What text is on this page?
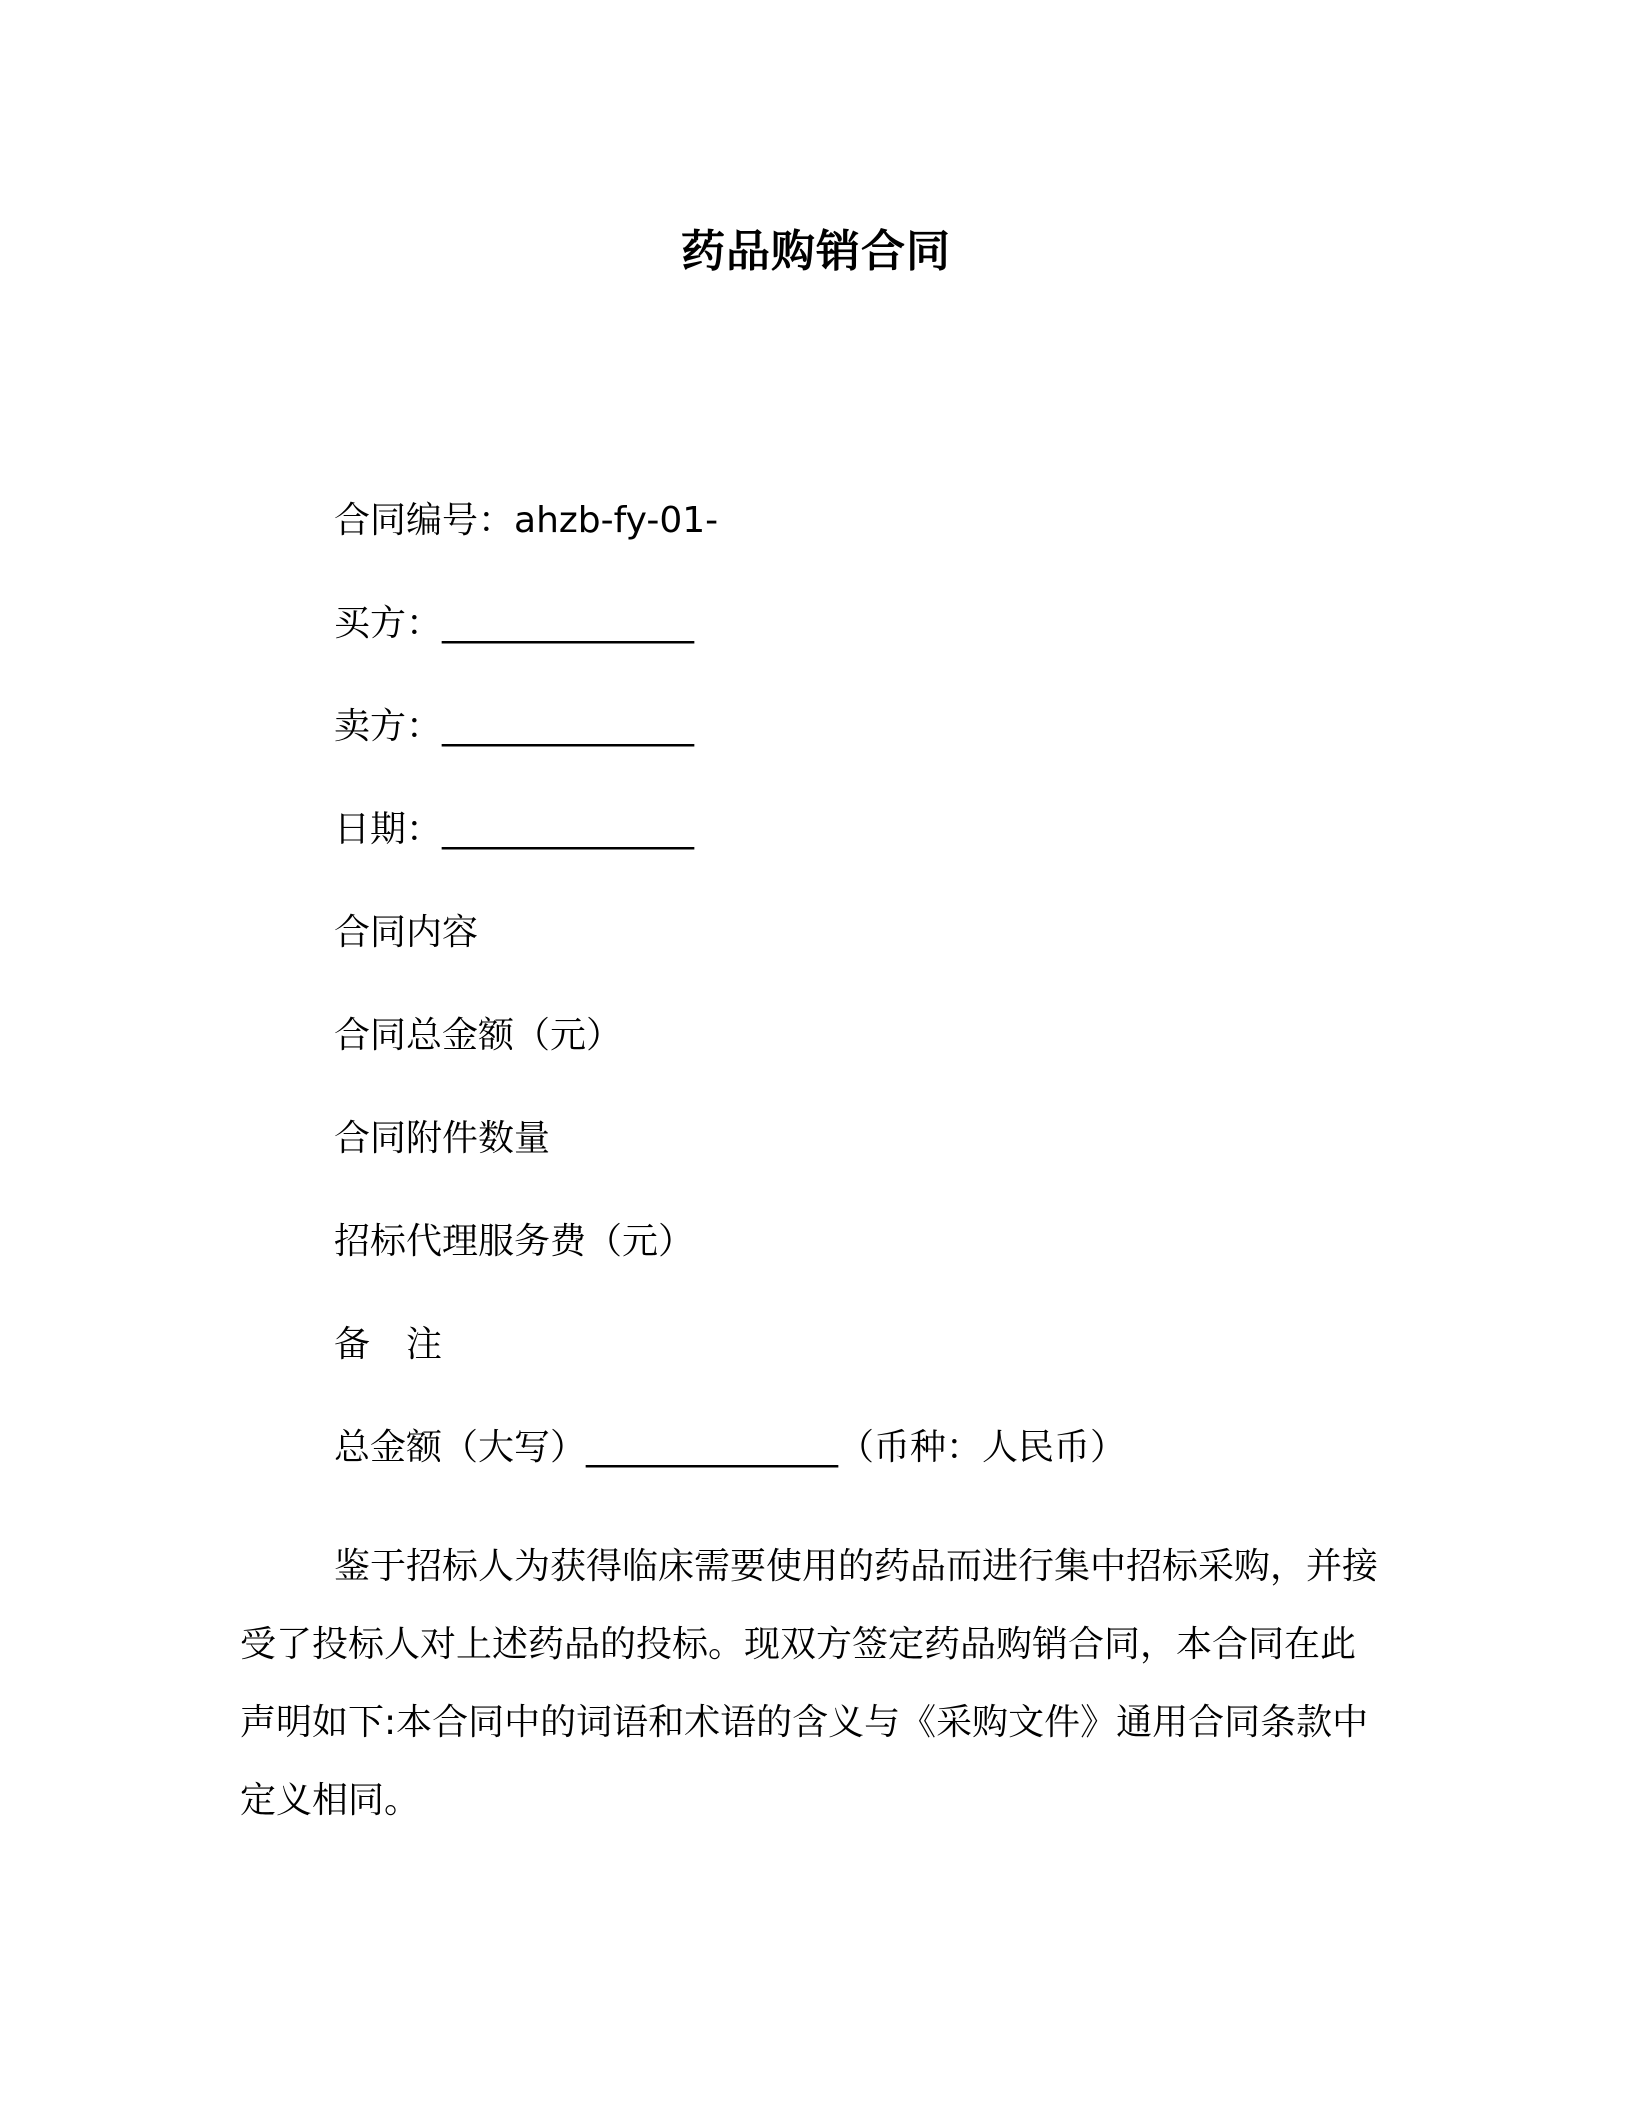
药品购销合同
合同编号：ahzb-fy-01-
买方：______________
卖方：______________
日期：______________
合同内容
合同总金额（元）
合同附件数量
招标代理服务费（元）
备 注
总金额（大写）______________（币种：人民币）
鉴于招标人为获得临床需要使用的药品而进行集中招标采购，并接受了投标人对上述药品的投标。现双方签定药品购销合同，本合同在此声明如下:本合同中的词语和术语的含义与《采购文件》通用合同条款中定义相同。
